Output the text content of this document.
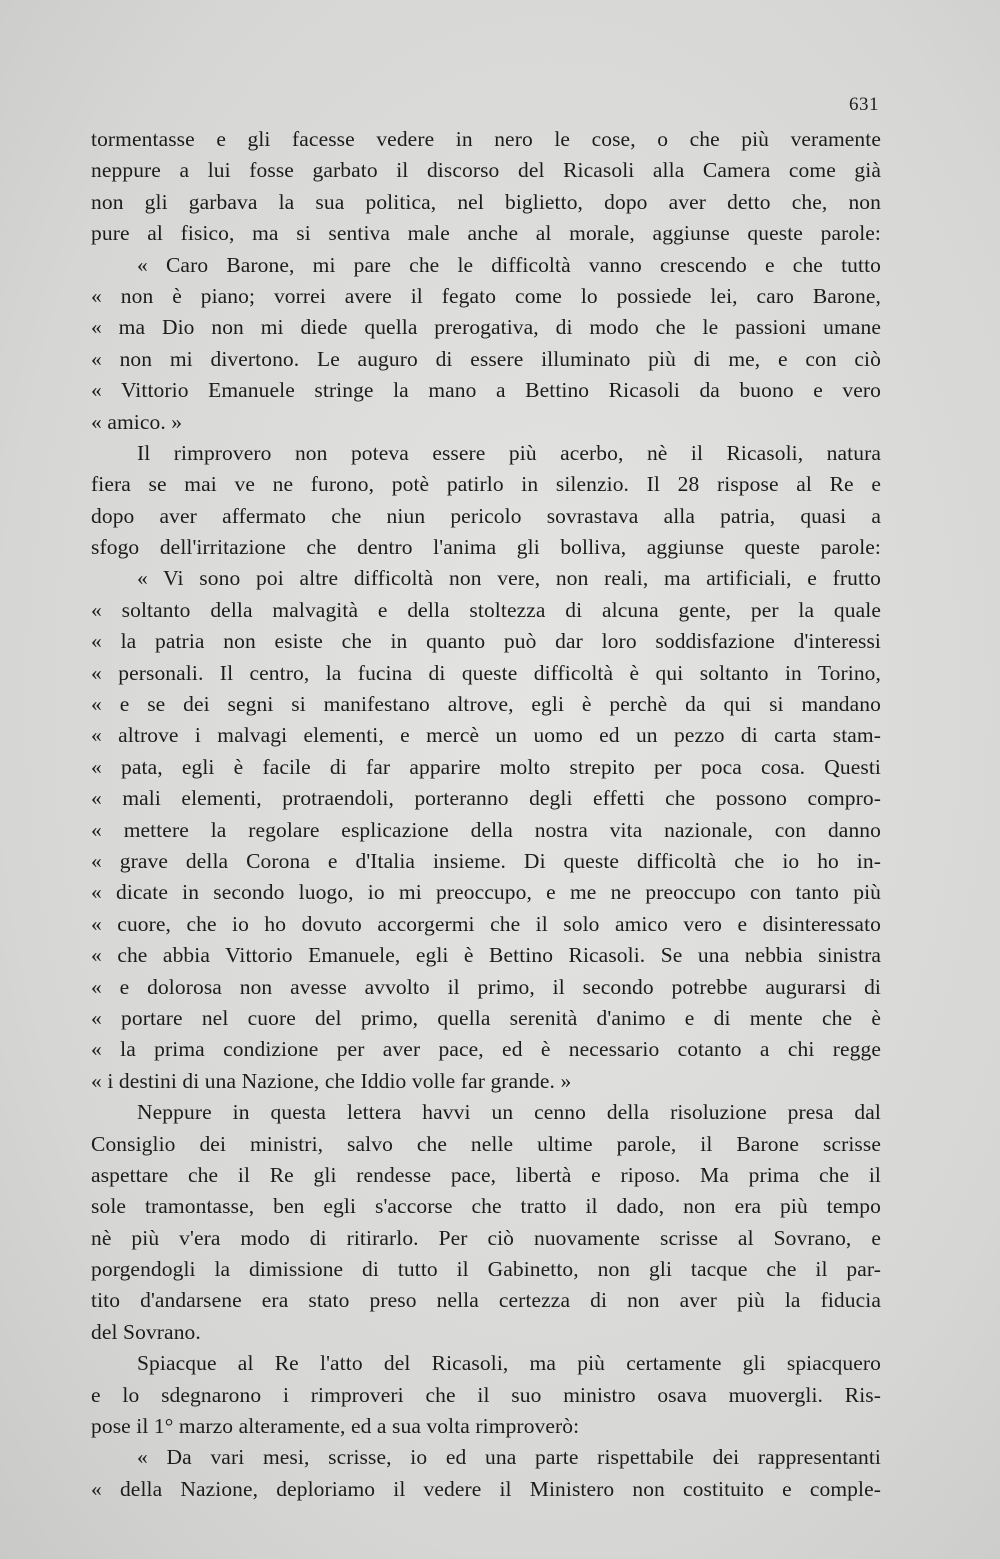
631
tormentasse e gli facesse vedere in nero le cose, o che più veramente
neppure a lui fosse garbato il discorso del Ricasoli alla Camera come già
non gli garbava la sua politica, nel biglietto, dopo aver detto che, non
pure al fisico, ma si sentiva male anche al morale, aggiunse queste parole:
« Caro Barone, mi pare che le difficoltà vanno crescendo e che tutto
« non è piano; vorrei avere il fegato come lo possiede lei, caro Barone,
« ma Dio non mi diede quella prerogativa, di modo che le passioni umane
« non mi divertono. Le auguro di essere illuminato più di me, e con ciò
« Vittorio Emanuele stringe la mano a Bettino Ricasoli da buono e vero
« amico. »
Il rimprovero non poteva essere più acerbo, nè il Ricasoli, natura
fiera se mai ve ne furono, potè patirlo in silenzio. Il 28 rispose al Re e
dopo aver affermato che niun pericolo sovrastava alla patria, quasi a
sfogo dell'irritazione che dentro l'anima gli bolliva, aggiunse queste parole:
« Vi sono poi altre difficoltà non vere, non reali, ma artificiali, e frutto
« soltanto della malvagità e della stoltezza di alcuna gente, per la quale
« la patria non esiste che in quanto può dar loro soddisfazione d'interessi
« personali. Il centro, la fucina di queste difficoltà è qui soltanto in Torino,
« e se dei segni si manifestano altrove, egli è perchè da qui si mandano
« altrove i malvagi elementi, e mercè un uomo ed un pezzo di carta stam-
« pata, egli è facile di far apparire molto strepito per poca cosa. Questi
« mali elementi, protraendoli, porteranno degli effetti che possono compro-
« mettere la regolare esplicazione della nostra vita nazionale, con danno
« grave della Corona e d'Italia insieme. Di queste difficoltà che io ho in-
« dicate in secondo luogo, io mi preoccupo, e me ne preoccupo con tanto più
« cuore, che io ho dovuto accorgermi che il solo amico vero e disinteressato
« che abbia Vittorio Emanuele, egli è Bettino Ricasoli. Se una nebbia sinistra
« e dolorosa non avesse avvolto il primo, il secondo potrebbe augurarsi di
« portare nel cuore del primo, quella serenità d'animo e di mente che è
« la prima condizione per aver pace, ed è necessario cotanto a chi regge
« i destini di una Nazione, che Iddio volle far grande. »
Neppure in questa lettera havvi un cenno della risoluzione presa dal
Consiglio dei ministri, salvo che nelle ultime parole, il Barone scrisse
aspettare che il Re gli rendesse pace, libertà e riposo. Ma prima che il
sole tramontasse, ben egli s'accorse che tratto il dado, non era più tempo
nè più v'era modo di ritirarlo. Per ciò nuovamente scrisse al Sovrano, e
porgendogli la dimissione di tutto il Gabinetto, non gli tacque che il par-
tito d'andarsene era stato preso nella certezza di non aver più la fiducia
del Sovrano.
Spiacque al Re l'atto del Ricasoli, ma più certamente gli spiacquero
e lo sdegnarono i rimproveri che il suo ministro osava muovergli. Ris-
pose il 1° marzo alteramente, ed a sua volta rimproverò:
« Da vari mesi, scrisse, io ed una parte rispettabile dei rappresentanti
« della Nazione, deploriamo il vedere il Ministero non costituito e comple-
